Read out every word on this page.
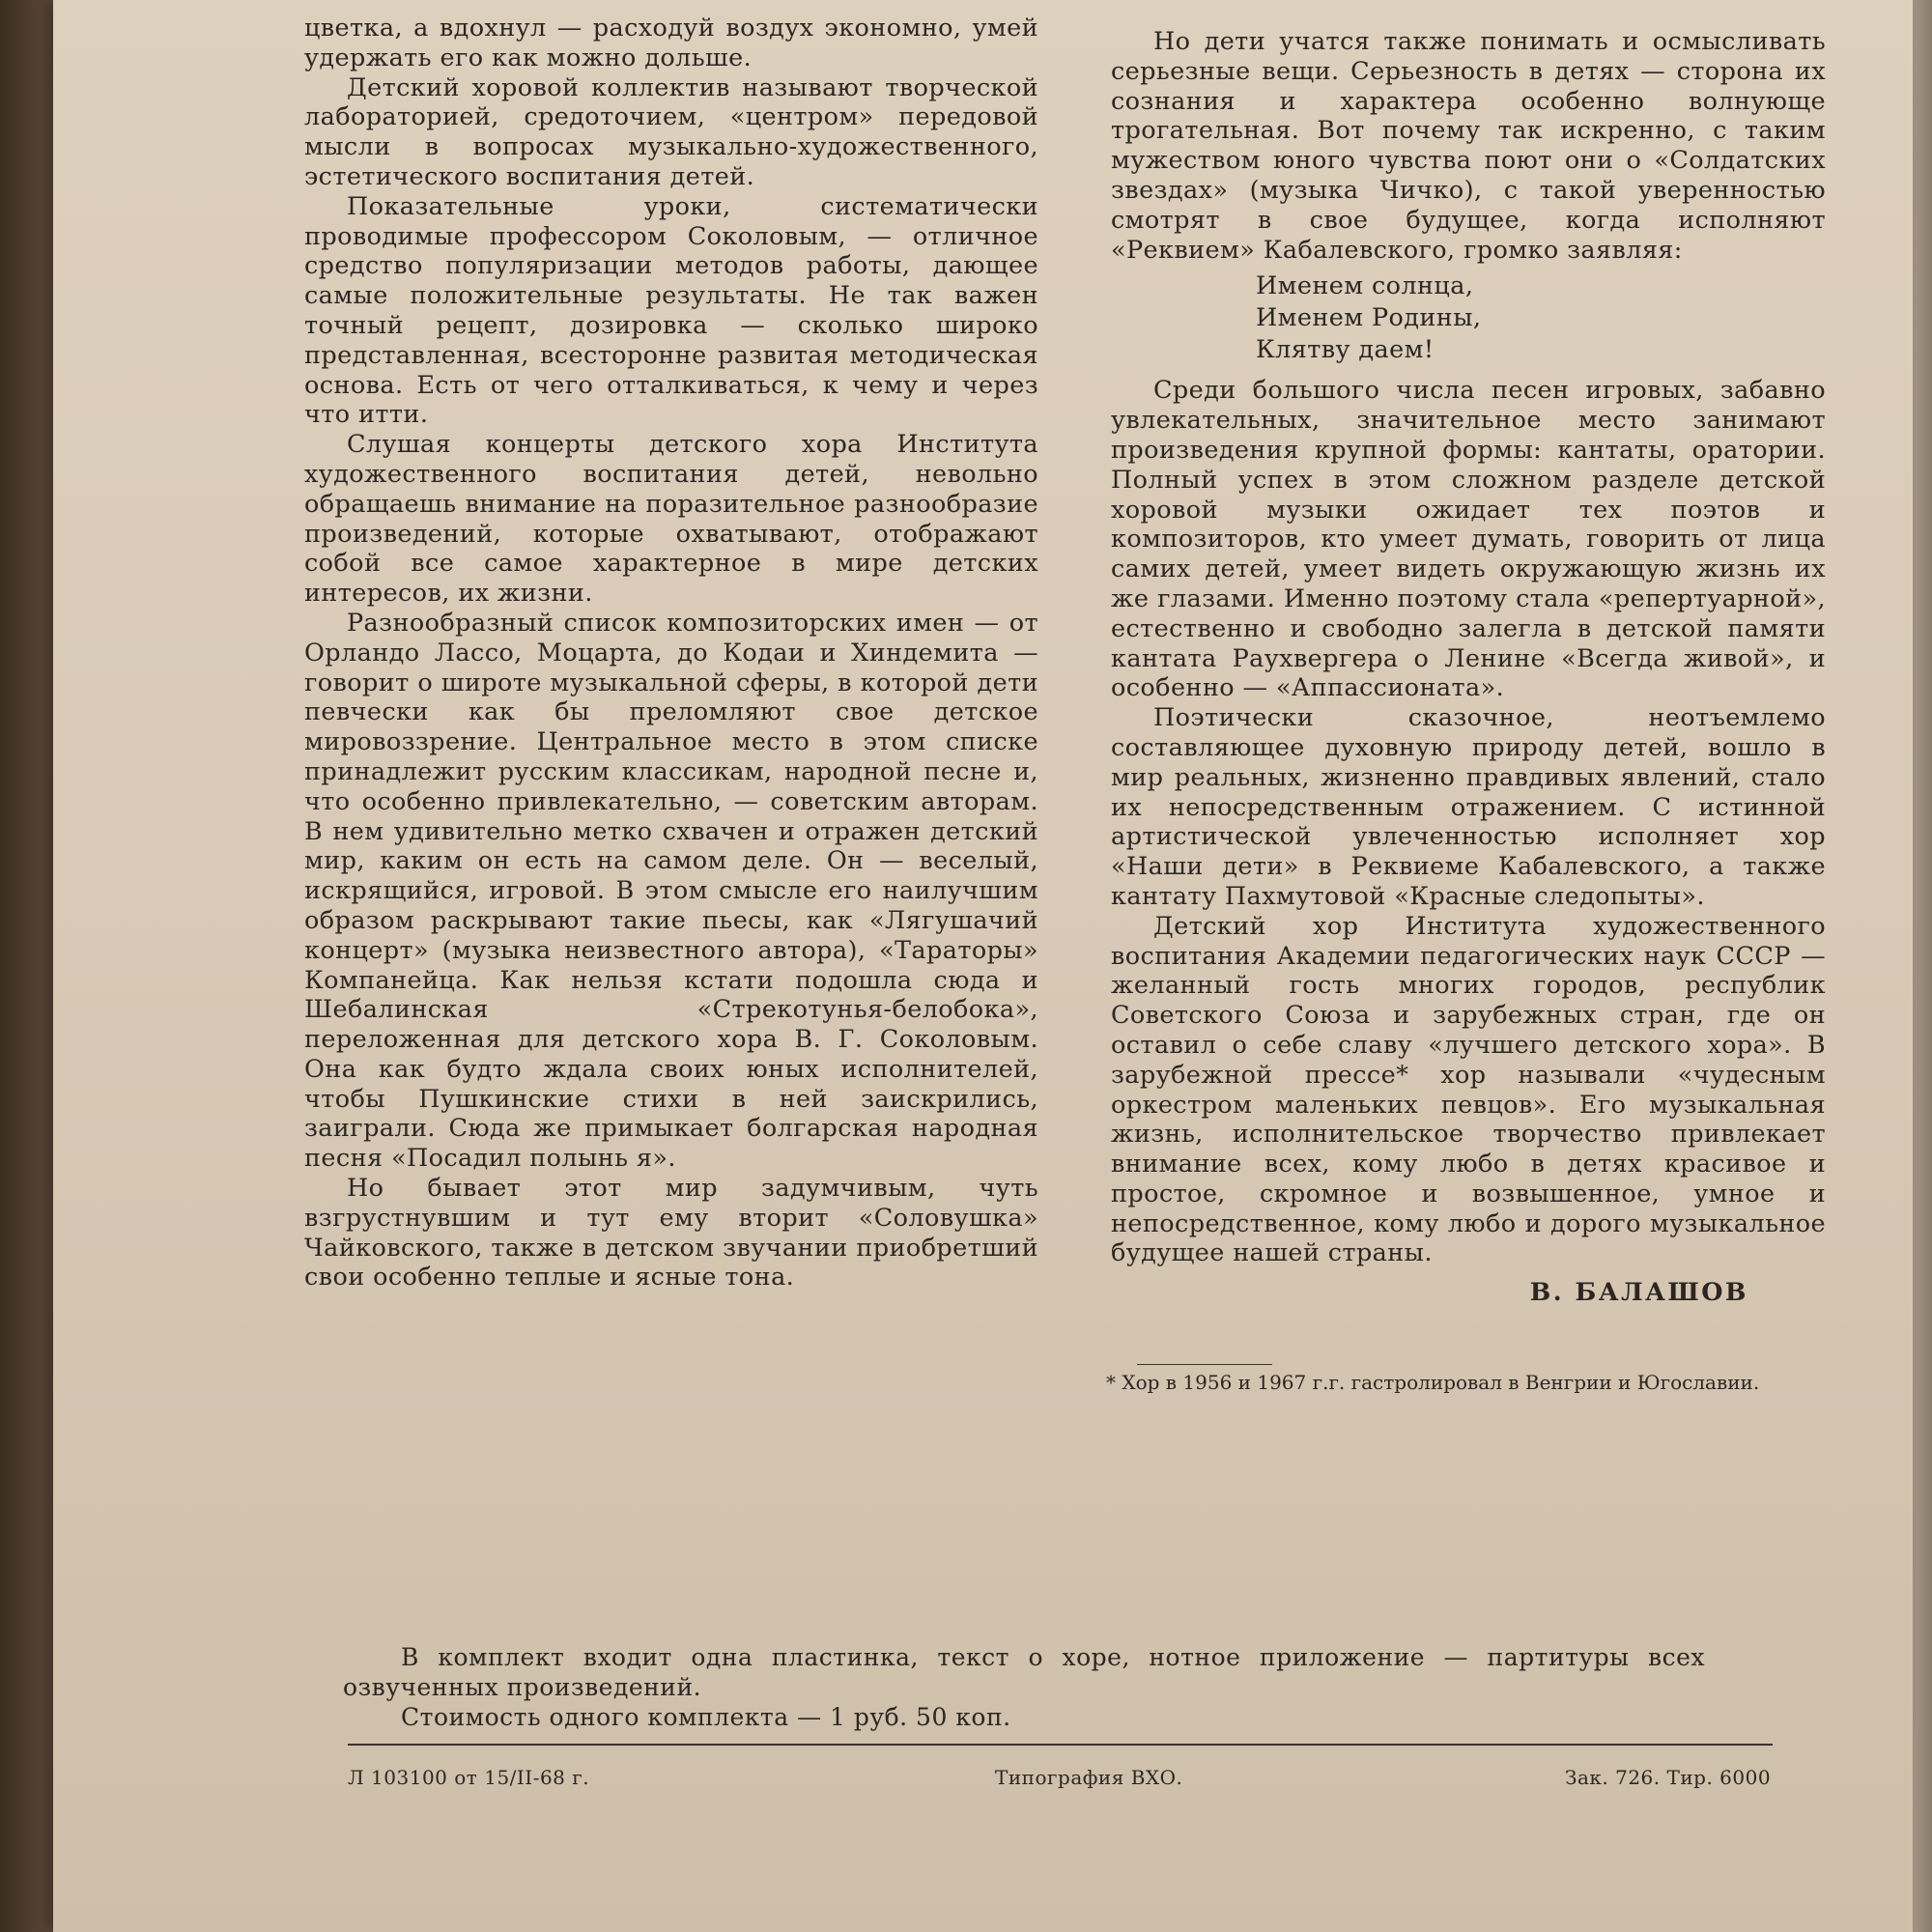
цветка, а вдохнул — расходуй воздух экономно, умей удержать его как можно дольше.

Детский хоровой коллектив называют творческой лабораторией, средоточием, «центром» передовой мысли в вопросах музыкально-художественного, эстетического воспитания детей.

Показательные уроки, систематически проводимые профессором Соколовым, — отличное средство популяризации методов работы, дающее самые положительные результаты. Не так важен точный рецепт, дозировка — сколько широко представленная, всесторонне развитая методическая основа. Есть от чего отталкиваться, к чему и через что итти.

Слушая концерты детского хора Института художественного воспитания детей, невольно обращаешь внимание на поразительное разнообразие произведений, которые охватывают, отображают собой все самое характерное в мире детских интересов, их жизни.

Разнообразный список композиторских имен — от Орландо Лассо, Моцарта, до Кодаи и Хиндемита — говорит о широте музыкальной сферы, в которой дети певчески как бы преломляют свое детское мировоззрение. Центральное место в этом списке принадлежит русским классикам, народной песне и, что особенно привлекательно, — советским авторам. В нем удивительно метко схвачен и отражен детский мир, каким он есть на самом деле. Он — веселый, искрящийся, игровой. В этом смысле его наилучшим образом раскрывают такие пьесы, как «Лягушачий концерт» (музыка неизвестного автора), «Тараторы» Компанейца. Как нельзя кстати подошла сюда и Шебалинская «Стрекотунья-белобока», переложенная для детского хора В. Г. Соколовым. Она как будто ждала своих юных исполнителей, чтобы Пушкинские стихи в ней заискрились, заиграли. Сюда же примыкает болгарская народная песня «Посадил полынь я».

Но бывает этот мир задумчивым, чуть взгрустнувшим и тут ему вторит «Соловушка» Чайковского, также в детском звучании приобретший свои особенно теплые и ясные тона.

Но дети учатся также понимать и осмысливать серьезные вещи. Серьезность в детях — сторона их сознания и характера особенно волнующе трогательная. Вот почему так искренно, с таким мужеством юного чувства поют они о «Солдатских звездах» (музыка Чичко), с такой уверенностью смотрят в свое будущее, когда исполняют «Реквием» Кабалевского, громко заявляя:

Именем солнца,
Именем Родины,
Клятву даем!

Среди большого числа песен игровых, забавно увлекательных, значительное место занимают произведения крупной формы: кантаты, оратории. Полный успех в этом сложном разделе детской хоровой музыки ожидает тех поэтов и композиторов, кто умеет думать, говорить от лица самих детей, умеет видеть окружающую жизнь их же глазами. Именно поэтому стала «репертуарной», естественно и свободно залегла в детской памяти кантата Раухвергера о Ленине «Всегда живой», и особенно — «Аппассионата».

Поэтически сказочное, неотъемлемо составляющее духовную природу детей, вошло в мир реальных, жизненно правдивых явлений, стало их непосредственным отражением. С истинной артистической увлеченностью исполняет хор «Наши дети» в Реквиеме Кабалевского, а также кантату Пахмутовой «Красные следопыты».

Детский хор Института художественного воспитания Академии педагогических наук СССР — желанный гость многих городов, республик Советского Союза и зарубежных стран, где он оставил о себе славу «лучшего детского хора». В зарубежной прессе* хор называли «чудесным оркестром маленьких певцов». Его музыкальная жизнь, исполнительское творчество привлекает внимание всех, кому любо в детях красивое и простое, скромное и возвышенное, умное и непосредственное, кому любо и дорого музыкальное будущее нашей страны.

В. БАЛАШОВ
* Хор в 1956 и 1967 г.г. гастролировал в Венгрии и Югославии.

В комплект входит одна пластинка, текст о хоре, нотное приложение — партитуры всех озвученных произведений.

Стоимость одного комплекта — 1 руб. 50 коп.

Л 103100 от 15/II-68 г.	Типография ВХО.	Зак. 726. Тир. 6000
